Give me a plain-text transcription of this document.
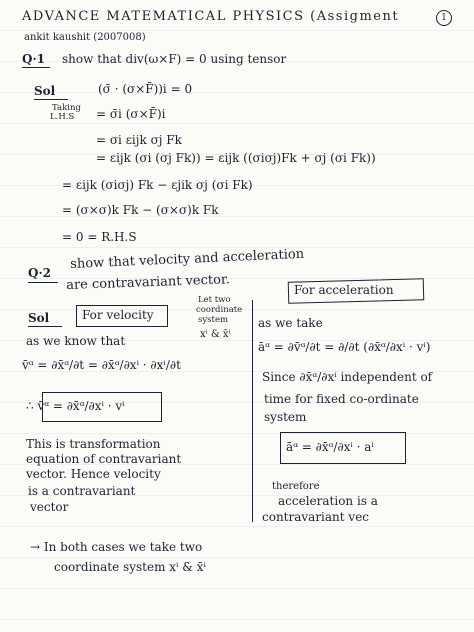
ADVANCE MATEMATICAL PHYSICS (Assigment	1
ankit kaushit (2007008)
Q·1 show that div(ω×F) = 0 using tensor
Sol	(σ̄ · (σ×F̄))i = 0
Taking
L.H.S = σ̄i (σ×F̄)i
= σi εijk σj Fk
= εijk (σi (σj Fk)) = εijk ((σiσj)Fk + σj (σi Fk))
= εijk (σiσj) Fk − εjik σj (σi Fk)
= (σ×σ)k Fk − (σ×σ)k Fk
= 0 = R.H.S
Q·2
show that velocity and acceleration
are contravariant vector.
Sol	For velocity
For acceleration
Let two
coordinate
system
xⁱ & x̄ⁱ
as we know that
v̄ᵅ = ∂x̄ᵅ/∂t = ∂x̄ᵅ/∂xⁱ · ∂xⁱ/∂t
∴ v̄ᵅ = ∂x̄ᵅ/∂xⁱ · vⁱ
This is transformation
equation of contravariant
vector. Hence velocity
is a contravariant
vector
as we take
āᵅ = ∂v̄ᵅ/∂t = ∂/∂t (∂x̄ᵅ/∂xⁱ · vⁱ)
Since ∂x̄ᵅ/∂xⁱ independent of
time for fixed co-ordinate
system
āᵅ = ∂x̄ᵅ/∂xⁱ · aⁱ
therefore
acceleration is a
contravariant vec
→ In both cases we take two
coordinate system xⁱ & x̄ⁱ
